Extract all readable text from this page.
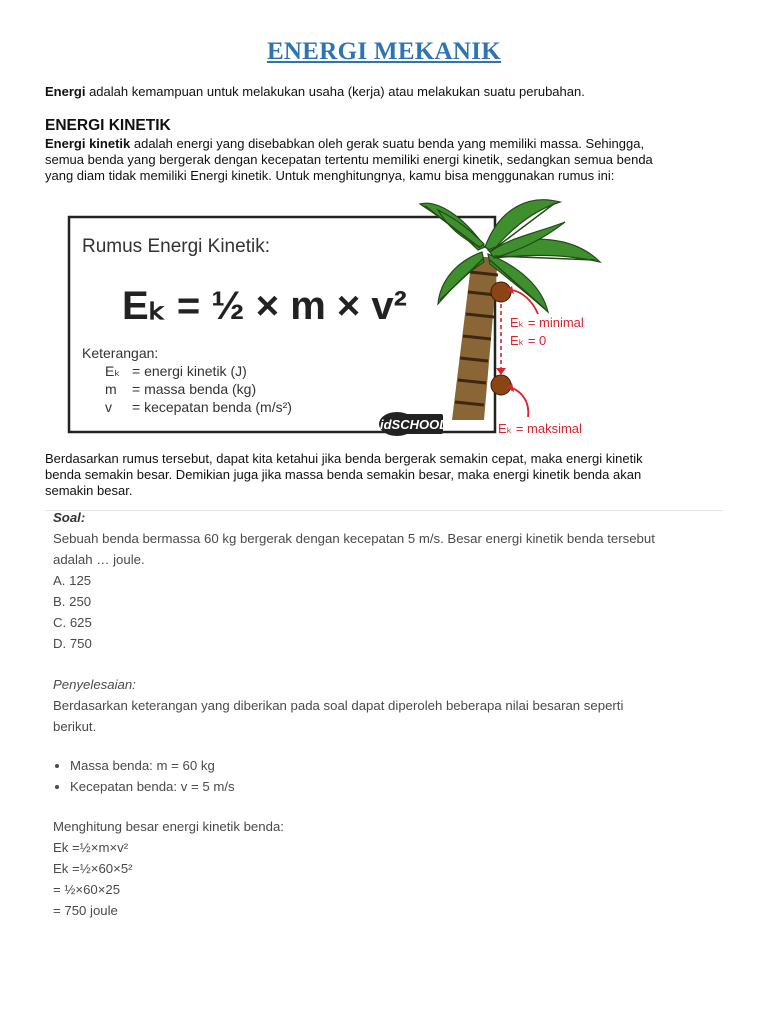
ENERGI MEKANIK
Energi adalah kemampuan untuk melakukan usaha (kerja) atau melakukan suatu perubahan.
ENERGI KINETIK
Energi kinetik adalah energi yang disebabkan oleh gerak suatu benda yang memiliki massa. Sehingga,
semua benda yang bergerak dengan kecepatan tertentu memiliki energi kinetik, sedangkan semua benda
yang diam tidak memiliki Energi kinetik. Untuk menghitungnya, kamu bisa menggunakan rumus ini:
Rumus Energi Kinetik:
Eₖ = ½ × m × v²
Keterangan:
Eₖ = energi kinetik (J)
m = massa benda (kg)
v = kecepatan benda (m/s²)
idSCHOOL
Eₖ = minimal
Eₖ = 0
Eₖ = maksimal
Berdasarkan rumus tersebut, dapat kita ketahui jika benda bergerak semakin cepat, maka energi kinetik
benda semakin besar. Demikian juga jika massa benda semakin besar, maka energi kinetik benda akan
semakin besar.
Soal:
Sebuah benda bermassa 60 kg bergerak dengan kecepatan 5 m/s. Besar energi kinetik benda tersebut
adalah … joule.
A. 125
B. 250
C. 625
D. 750
Penyelesaian:
Berdasarkan keterangan yang diberikan pada soal dapat diperoleh beberapa nilai besaran seperti
berikut.
• Massa benda: m = 60 kg
• Kecepatan benda: v = 5 m/s
Menghitung besar energi kinetik benda:
Ek =½×m×v²
Ek =½×60×5²
= ½×60×25
= 750 joule
